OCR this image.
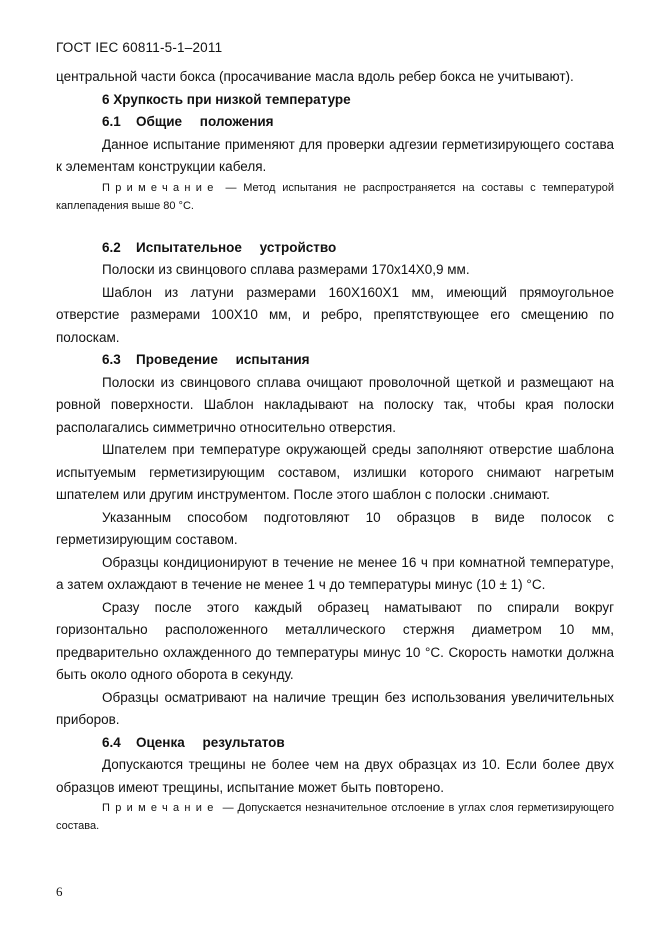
ГОСТ IEC 60811-5-1–2011

центральной части бокса (просачивание масла вдоль ребер бокса не учитывают).

6 Хрупкость при низкой температуре

6.1 Общие положения

Данное испытание применяют для проверки адгезии герметизирующего состава к элементам конструкции кабеля.

Примечание — Метод испытания не распространяется на составы с температурой каплепадения выше 80 °С.

6.2 Испытательное устройство

Полоски из свинцового сплава размерами 170x14X0,9 мм.

Шаблон из латуни размерами 160X160X1 мм, имеющий прямоугольное отверстие размерами 100X10 мм, и ребро, препятствующее его смещению по полоскам.

6.3 Проведение испытания

Полоски из свинцового сплава очищают проволочной щеткой и размещают на ровной поверхности. Шаблон накладывают на полоску так, чтобы края полоски располагались симметрично относительно отверстия.

Шпателем при температуре окружающей среды заполняют отверстие шаблона испытуемым герметизирующим составом, излишки которого снимают нагретым шпателем или другим инструментом. После этого шаблон с полоски .снимают.

Указанным способом подготовляют 10 образцов в виде полосок с герметизирующим составом.

Образцы кондиционируют в течение не менее 16 ч при комнатной температуре, а затем охлаждают в течение не менее 1 ч до температуры минус (10 ± 1) °С.

Сразу после этого каждый образец наматывают по спирали вокруг горизонтально расположенного металлического стержня диаметром 10 мм, предварительно охлажденного до температуры минус 10 °С. Скорость намотки должна быть около одного оборота в секунду.

Образцы осматривают на наличие трещин без использования увеличительных приборов.

6.4 Оценка результатов

Допускаются трещины не более чем на двух образцах из 10. Если более двух образцов имеют трещины, испытание может быть повторено.

Примечание — Допускается незначительное отслоение в углах слоя герметизирующего состава.

6
